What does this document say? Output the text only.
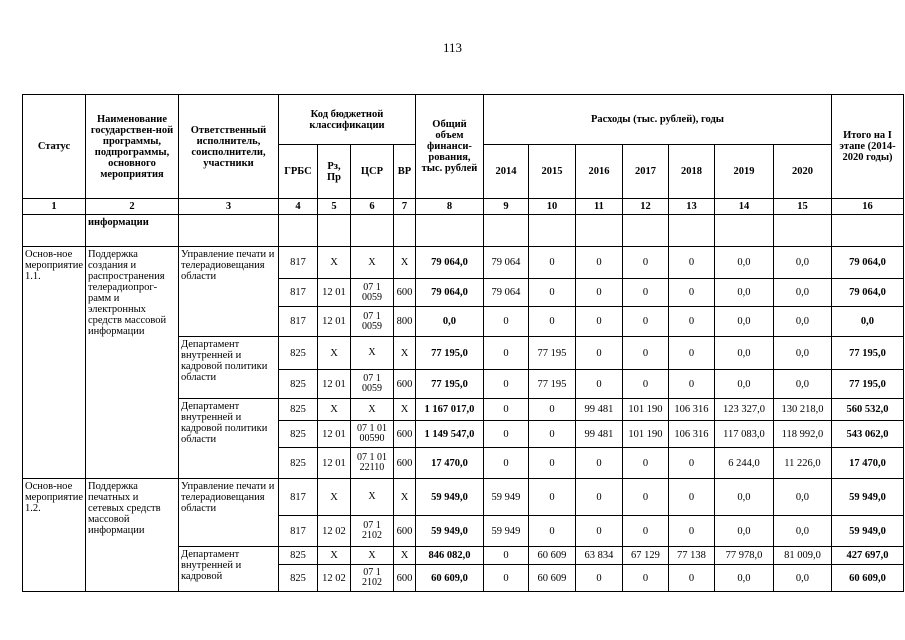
113
Статус	Наименование государствен-ной программы, подпрограммы, основного мероприятия	Ответственный исполнитель, соисполнители, участники	Код бюджетной классификации				Общий объем финанси-рования, тыс. рублей	Расходы (тыс. рублей), годы							Итого на I этапе (2014-2020 годы)
			ГРБС	Рз, Пр	ЦСР	ВР		2014	2015	2016	2017	2018	2019	2020	
1	2	3	4	5	6	7	8	9	10	11	12	13	14	15	16
	информации														
Основ-ное мероприятие 1.1.	Поддержка создания и распространения телерадиопрог-рамм и электронных средств массовой информации	Управление печати и телерадиовещания области	817	Х	Х	Х	79 064,0	79 064	0	0	0	0	0,0	0,0	79 064,0
			817	12 01	07 1 0059	600	79 064,0	79 064	0	0	0	0	0,0	0,0	79 064,0
			817	12 01	07 1 0059	800	0,0	0	0	0	0	0	0,0	0,0	0,0
		Департамент внутренней и кадровой политики области	825	Х	Х	Х	77 195,0	0	77 195	0	0	0	0,0	0,0	77 195,0
			825	12 01	07 1 0059	600	77 195,0	0	77 195	0	0	0	0,0	0,0	77 195,0
		Департамент внутренней и кадровой политики области	825	Х	Х	Х	1 167 017,0	0	0	99 481	101 190	106 316	123 327,0	130 218,0	560 532,0
			825	12 01	07 1 01 00590	600	1 149 547,0	0	0	99 481	101 190	106 316	117 083,0	118 992,0	543 062,0
			825	12 01	07 1 01 22110	600	17 470,0	0	0	0	0	0	6 244,0	11 226,0	17 470,0
Основ-ное мероприятие 1.2.	Поддержка печатных и сетевых средств массовой информации	Управление печати и телерадиовещания области	817	Х	Х	Х	59 949,0	59 949	0	0	0	0	0,0	0,0	59 949,0
			817	12 02	07 1 2102	600	59 949,0	59 949	0	0	0	0	0,0	0,0	59 949,0
		Департамент внутренней и кадровой	825	Х	Х	Х	846 082,0	0	60 609	63 834	67 129	77 138	77 978,0	81 009,0	427 697,0
			825	12 02	07 1 2102	600	60 609,0	0	60 609	0	0	0	0,0	0,0	60 609,0
